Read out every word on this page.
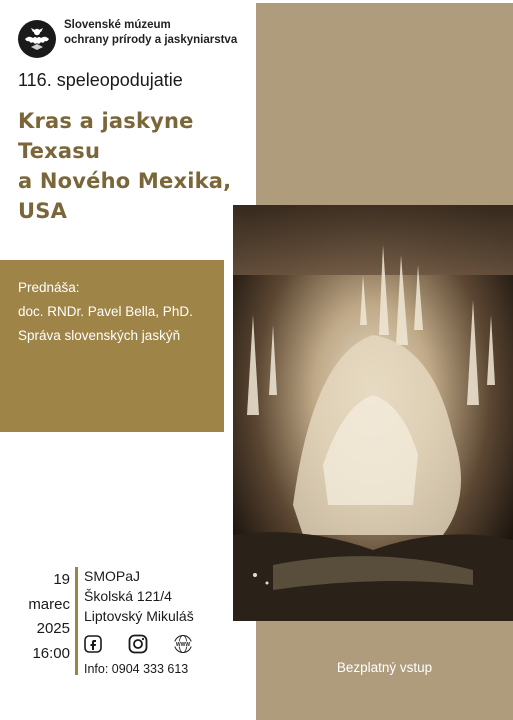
Slovenské múzeum
ochrany prírody a jaskyniarstva
116. speleopodujatie
Kras a jaskyne
Texasu
a Nového Mexika,
USA
Prednáša:
doc. RNDr. Pavel Bella, PhD.
Správa slovenských jaskýň
19
marec
2025
16:00
SMOPaJ
Školská 121/4
Liptovský Mikuláš
WWW
Info: 0904 333 613	Bezplatný vstup
